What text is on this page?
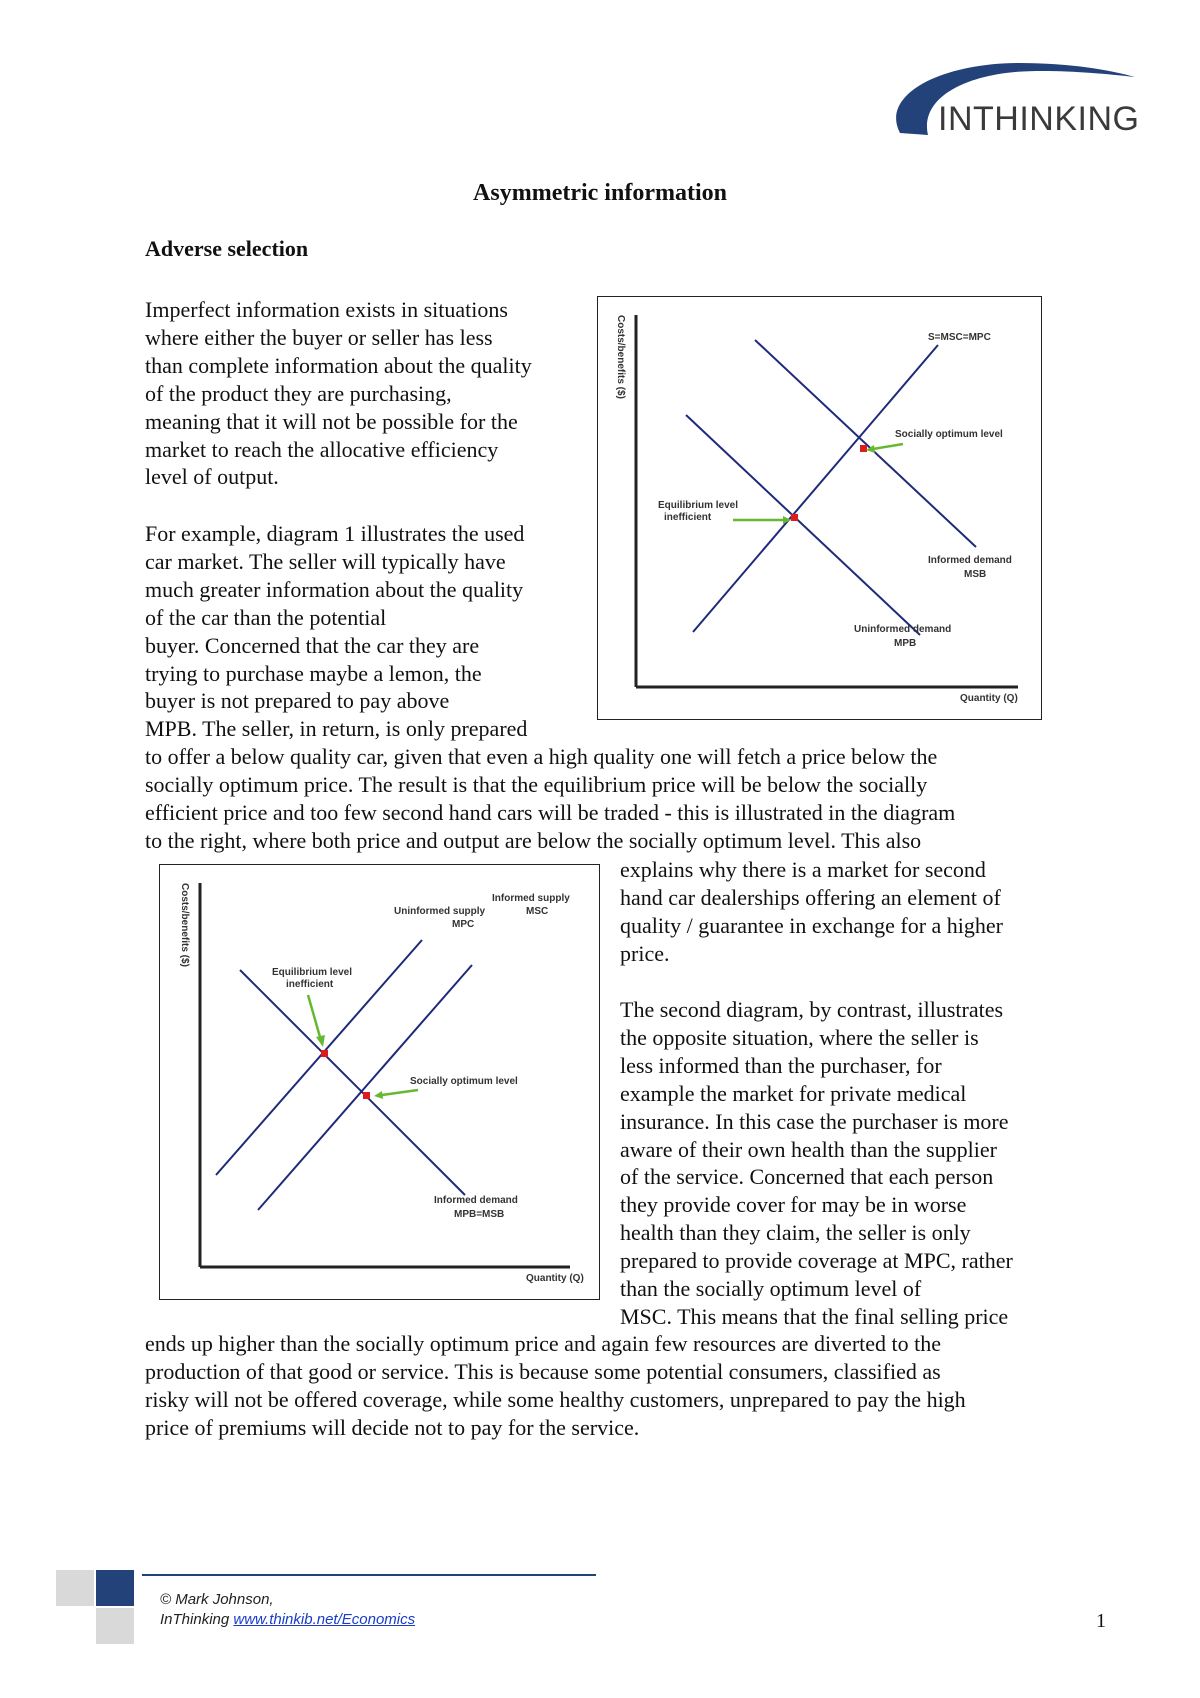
INTHINKING
Asymmetric information
Adverse selection

Imperfect information exists in situations

where either the buyer or seller has less

than complete information about the quality

of the product they are purchasing,

meaning that it will not be possible for the

market to reach the allocative efficiency

level of output.

For example, diagram 1 illustrates the used

car market. The seller will typically have

much greater information about the quality

of the car than the potential

buyer. Concerned that the car they are

trying to purchase maybe a lemon, the

buyer is not prepared to pay above

MPB. The seller, in return, is only prepared

to offer a below quality car, given that even a high quality one will fetch a price below the

socially optimum price. The result is that the equilibrium price will be below the socially

efficient price and too few second hand cars will be traded - this is illustrated in the diagram

to the right, where both price and output are below the socially optimum level. This also

Costs/benefits ($)
Quantity (Q)
S=MSC=MPC
Socially optimum level
Equilibrium level
inefficient
Informed demand
MSB
Uninformed demand
MPB

explains why there is a market for second

hand car dealerships offering an element of

quality / guarantee in exchange for a higher

price.

The second diagram, by contrast, illustrates

the opposite situation, where the seller is

less informed than the purchaser, for

example the market for private medical

insurance. In this case the purchaser is more

aware of their own health than the supplier

of the service. Concerned that each person

they provide cover for may be in worse

health than they claim, the seller is only

prepared to provide coverage at MPC, rather

than the socially optimum level of

MSC. This means that the final selling price

ends up higher than the socially optimum price and again few resources are diverted to the

production of that good or service. This is because some potential consumers, classified as

risky will not be offered coverage, while some healthy customers, unprepared to pay the high

price of premiums will decide not to pay for the service.

Costs/benefits ($)
Quantity (Q)
Informed supply
MSC
Uninformed supply
MPC
Equilibrium level
inefficient
Socially optimum level
Informed demand
MPB=MSB
© Mark Johnson,
InThinking www.thinkib.net/Economics	1
